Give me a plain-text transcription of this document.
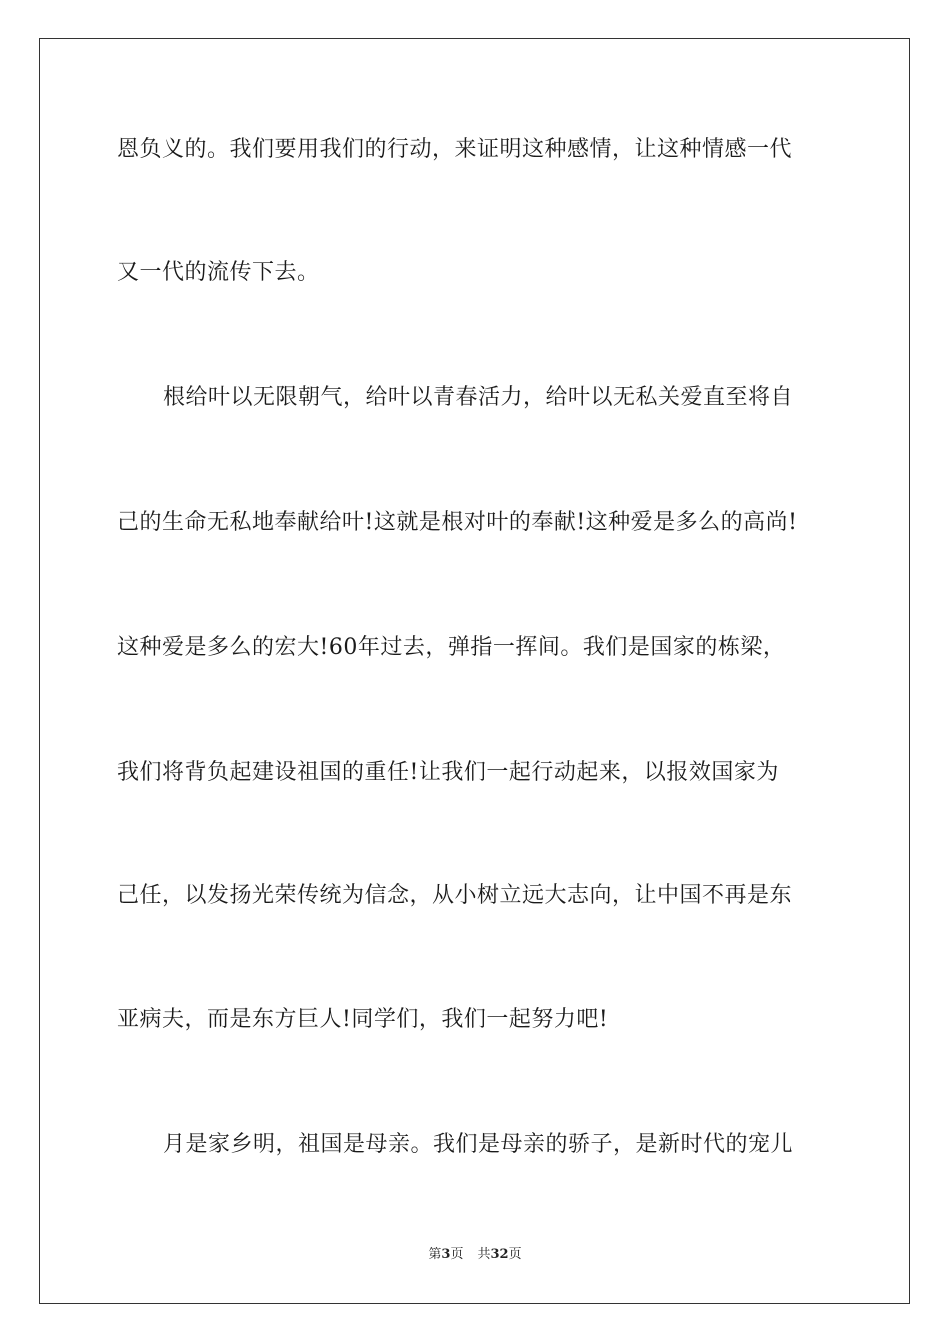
恩负义的。我们要用我们的行动，来证明这种感情，让这种情感一代
又一代的流传下去。
根给叶以无限朝气，给叶以青春活力，给叶以无私关爱直至将自
己的生命无私地奉献给叶!这就是根对叶的奉献!这种爱是多么的高尚!
这种爱是多么的宏大!60年过去，弹指一挥间。我们是国家的栋梁，
我们将背负起建设祖国的重任!让我们一起行动起来，以报效国家为
己任，以发扬光荣传统为信念，从小树立远大志向，让中国不再是东
亚病夫，而是东方巨人!同学们，我们一起努力吧!
月是家乡明，祖国是母亲。我们是母亲的骄子，是新时代的宠儿
第3页 共32页
